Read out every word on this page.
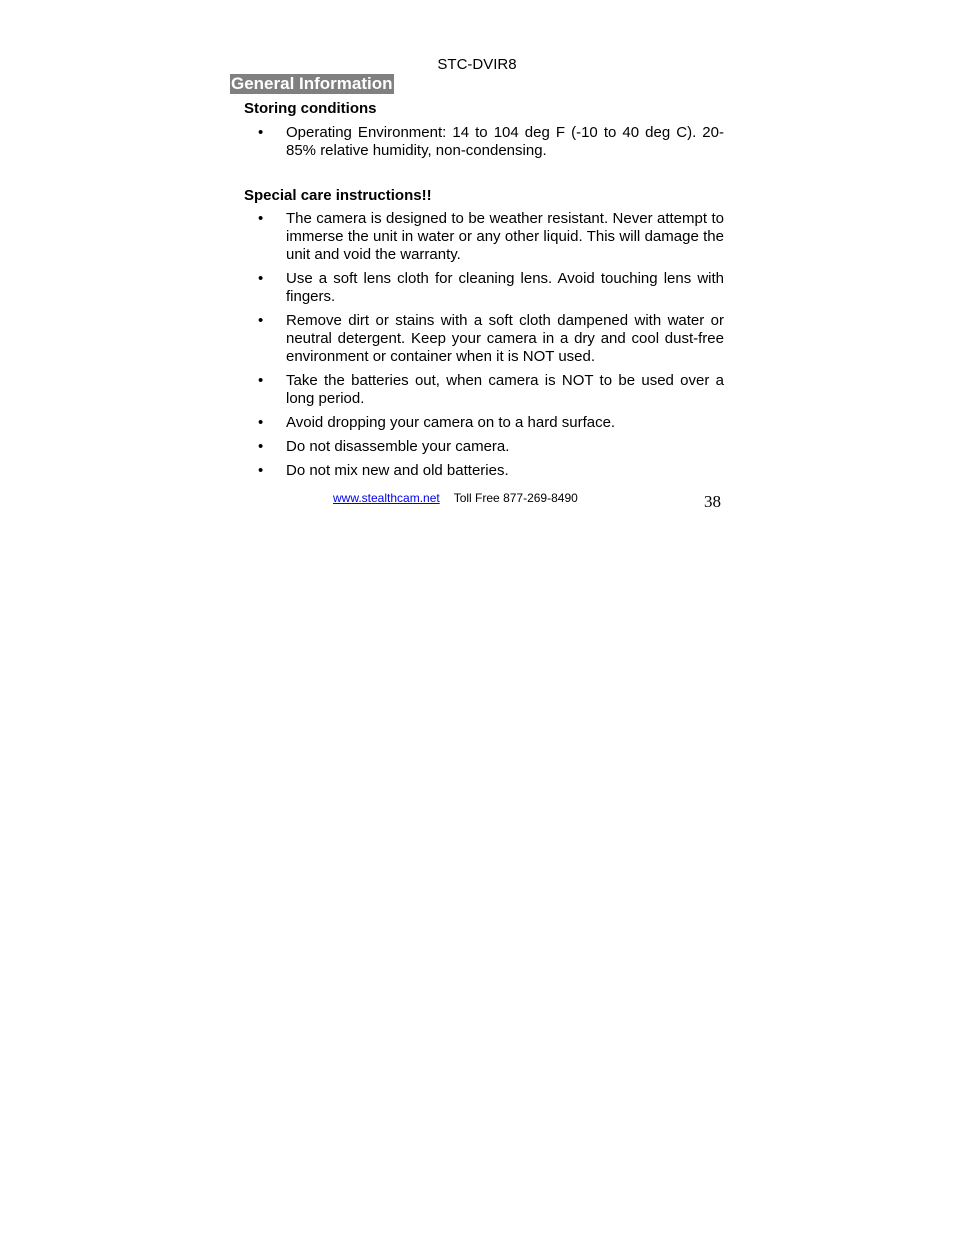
STC-DVIR8
General Information
Storing conditions
• Operating Environment: 14 to 104 deg F (-10 to 40 deg C). 20-85% relative humidity, non-condensing.
Special care instructions!!
• The camera is designed to be weather resistant. Never attempt to immerse the unit in water or any other liquid. This will damage the unit and void the warranty.
• Use a soft lens cloth for cleaning lens. Avoid touching lens with fingers.
• Remove dirt or stains with a soft cloth dampened with water or neutral detergent. Keep your camera in a dry and cool dust-free environment or container when it is NOT used.
• Take the batteries out, when camera is NOT to be used over a long period.
• Avoid dropping your camera on to a hard surface.
• Do not disassemble your camera.
• Do not mix new and old batteries.
www.stealthcam.net Toll Free 877-269-8490	38
